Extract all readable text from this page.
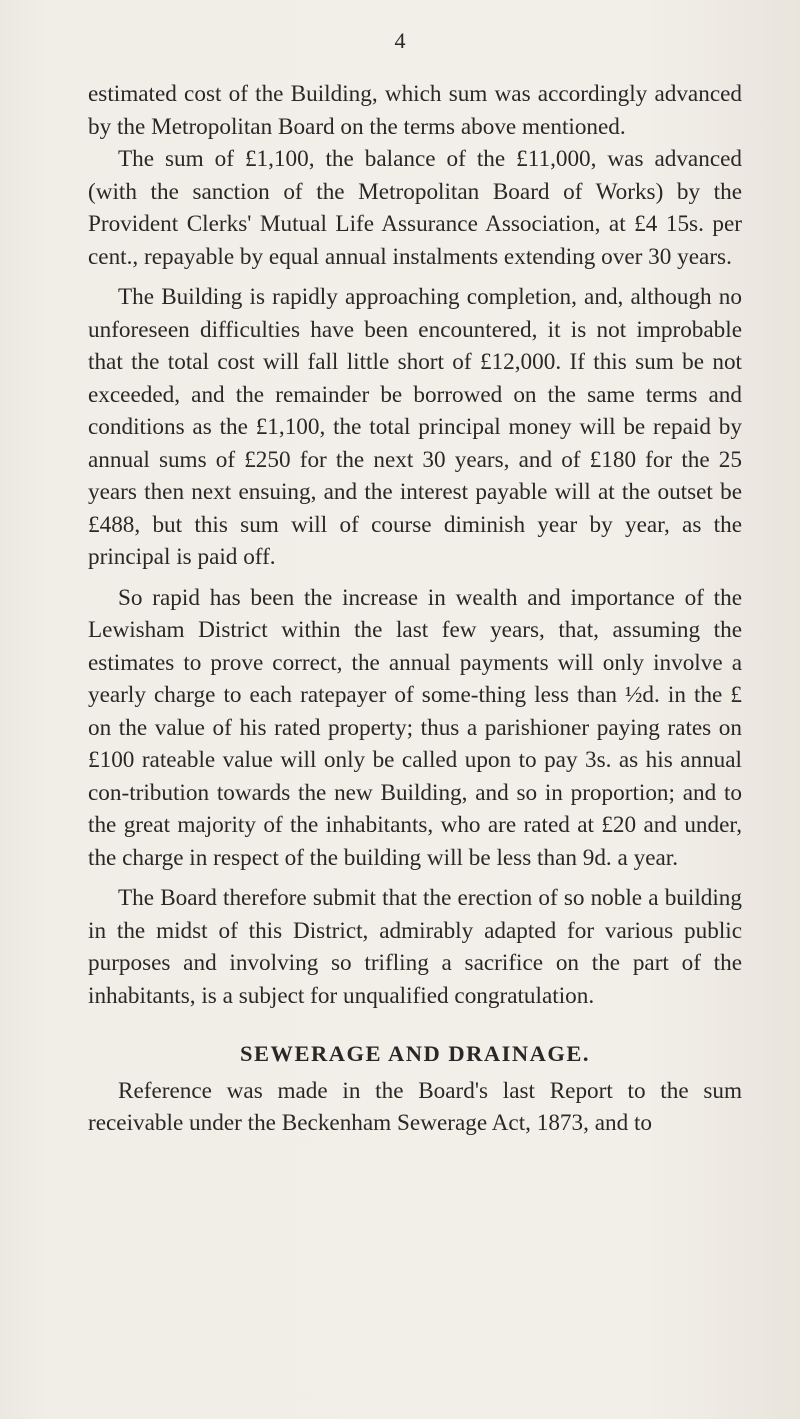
4

estimated cost of the Building, which sum was accordingly advanced by the Metropolitan Board on the terms above mentioned.

The sum of £1,100, the balance of the £11,000, was advanced (with the sanction of the Metropolitan Board of Works) by the Provident Clerks' Mutual Life Assurance Association, at £4 15s. per cent., repayable by equal annual instalments extending over 30 years.

The Building is rapidly approaching completion, and, although no unforeseen difficulties have been encountered, it is not improbable that the total cost will fall little short of £12,000. If this sum be not exceeded, and the remainder be borrowed on the same terms and conditions as the £1,100, the total principal money will be repaid by annual sums of £250 for the next 30 years, and of £180 for the 25 years then next ensuing, and the interest payable will at the outset be £488, but this sum will of course diminish year by year, as the principal is paid off.

So rapid has been the increase in wealth and importance of the Lewisham District within the last few years, that, assuming the estimates to prove correct, the annual payments will only involve a yearly charge to each ratepayer of some-thing less than ½d. in the £ on the value of his rated property; thus a parishioner paying rates on £100 rateable value will only be called upon to pay 3s. as his annual con-tribution towards the new Building, and so in proportion; and to the great majority of the inhabitants, who are rated at £20 and under, the charge in respect of the building will be less than 9d. a year.

The Board therefore submit that the erection of so noble a building in the midst of this District, admirably adapted for various public purposes and involving so trifling a sacrifice on the part of the inhabitants, is a subject for unqualified congratulation.

SEWERAGE AND DRAINAGE.

Reference was made in the Board's last Report to the sum receivable under the Beckenham Sewerage Act, 1873, and to
